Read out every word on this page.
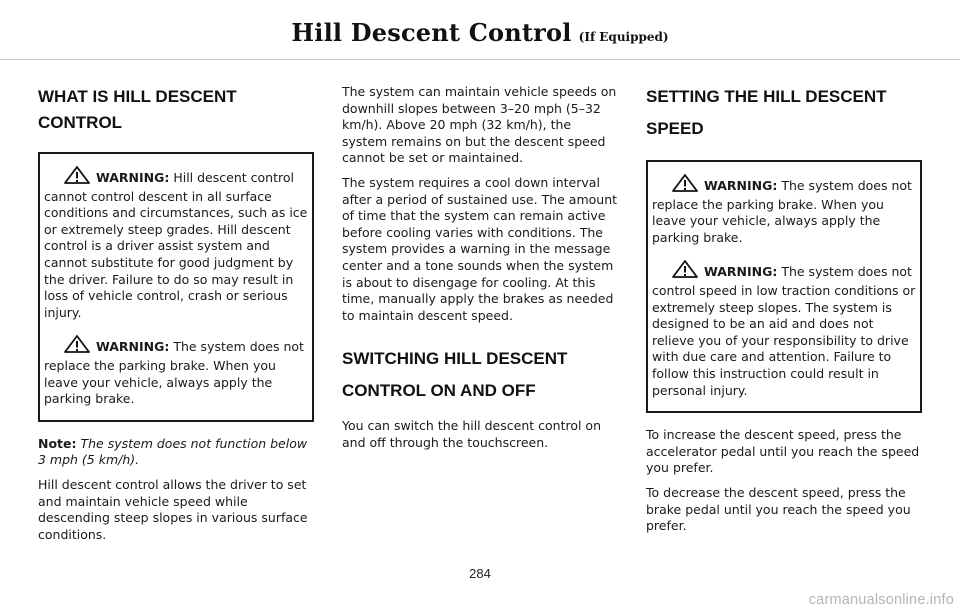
Hill Descent Control (If Equipped)
WHAT IS HILL DESCENT CONTROL
WARNING: Hill descent control cannot control descent in all surface conditions and circumstances, such as ice or extremely steep grades. Hill descent control is a driver assist system and cannot substitute for good judgment by the driver. Failure to do so may result in loss of vehicle control, crash or serious injury.
WARNING: The system does not replace the parking brake. When you leave your vehicle, always apply the parking brake.

Note: The system does not function below 3 mph (5 km/h).

Hill descent control allows the driver to set and maintain vehicle speed while descending steep slopes in various surface conditions.

The system can maintain vehicle speeds on downhill slopes between 3–20 mph (5–32 km/h). Above 20 mph (32 km/h), the system remains on but the descent speed cannot be set or maintained.

The system requires a cool down interval after a period of sustained use. The amount of time that the system can remain active before cooling varies with conditions. The system provides a warning in the message center and a tone sounds when the system is about to disengage for cooling. At this time, manually apply the brakes as needed to maintain descent speed.

SWITCHING HILL DESCENT
CONTROL ON AND OFF

You can switch the hill descent control on and off through the touchscreen.

SETTING THE HILL DESCENT
SPEED
WARNING: The system does not replace the parking brake. When you leave your vehicle, always apply the parking brake.
WARNING: The system does not control speed in low traction conditions or extremely steep slopes. The system is designed to be an aid and does not relieve you of your responsibility to drive with due care and attention. Failure to follow this instruction could result in personal injury.

To increase the descent speed, press the accelerator pedal until you reach the speed you prefer.

To decrease the descent speed, press the brake pedal until you reach the speed you prefer.

284
carmanualsonline.info
